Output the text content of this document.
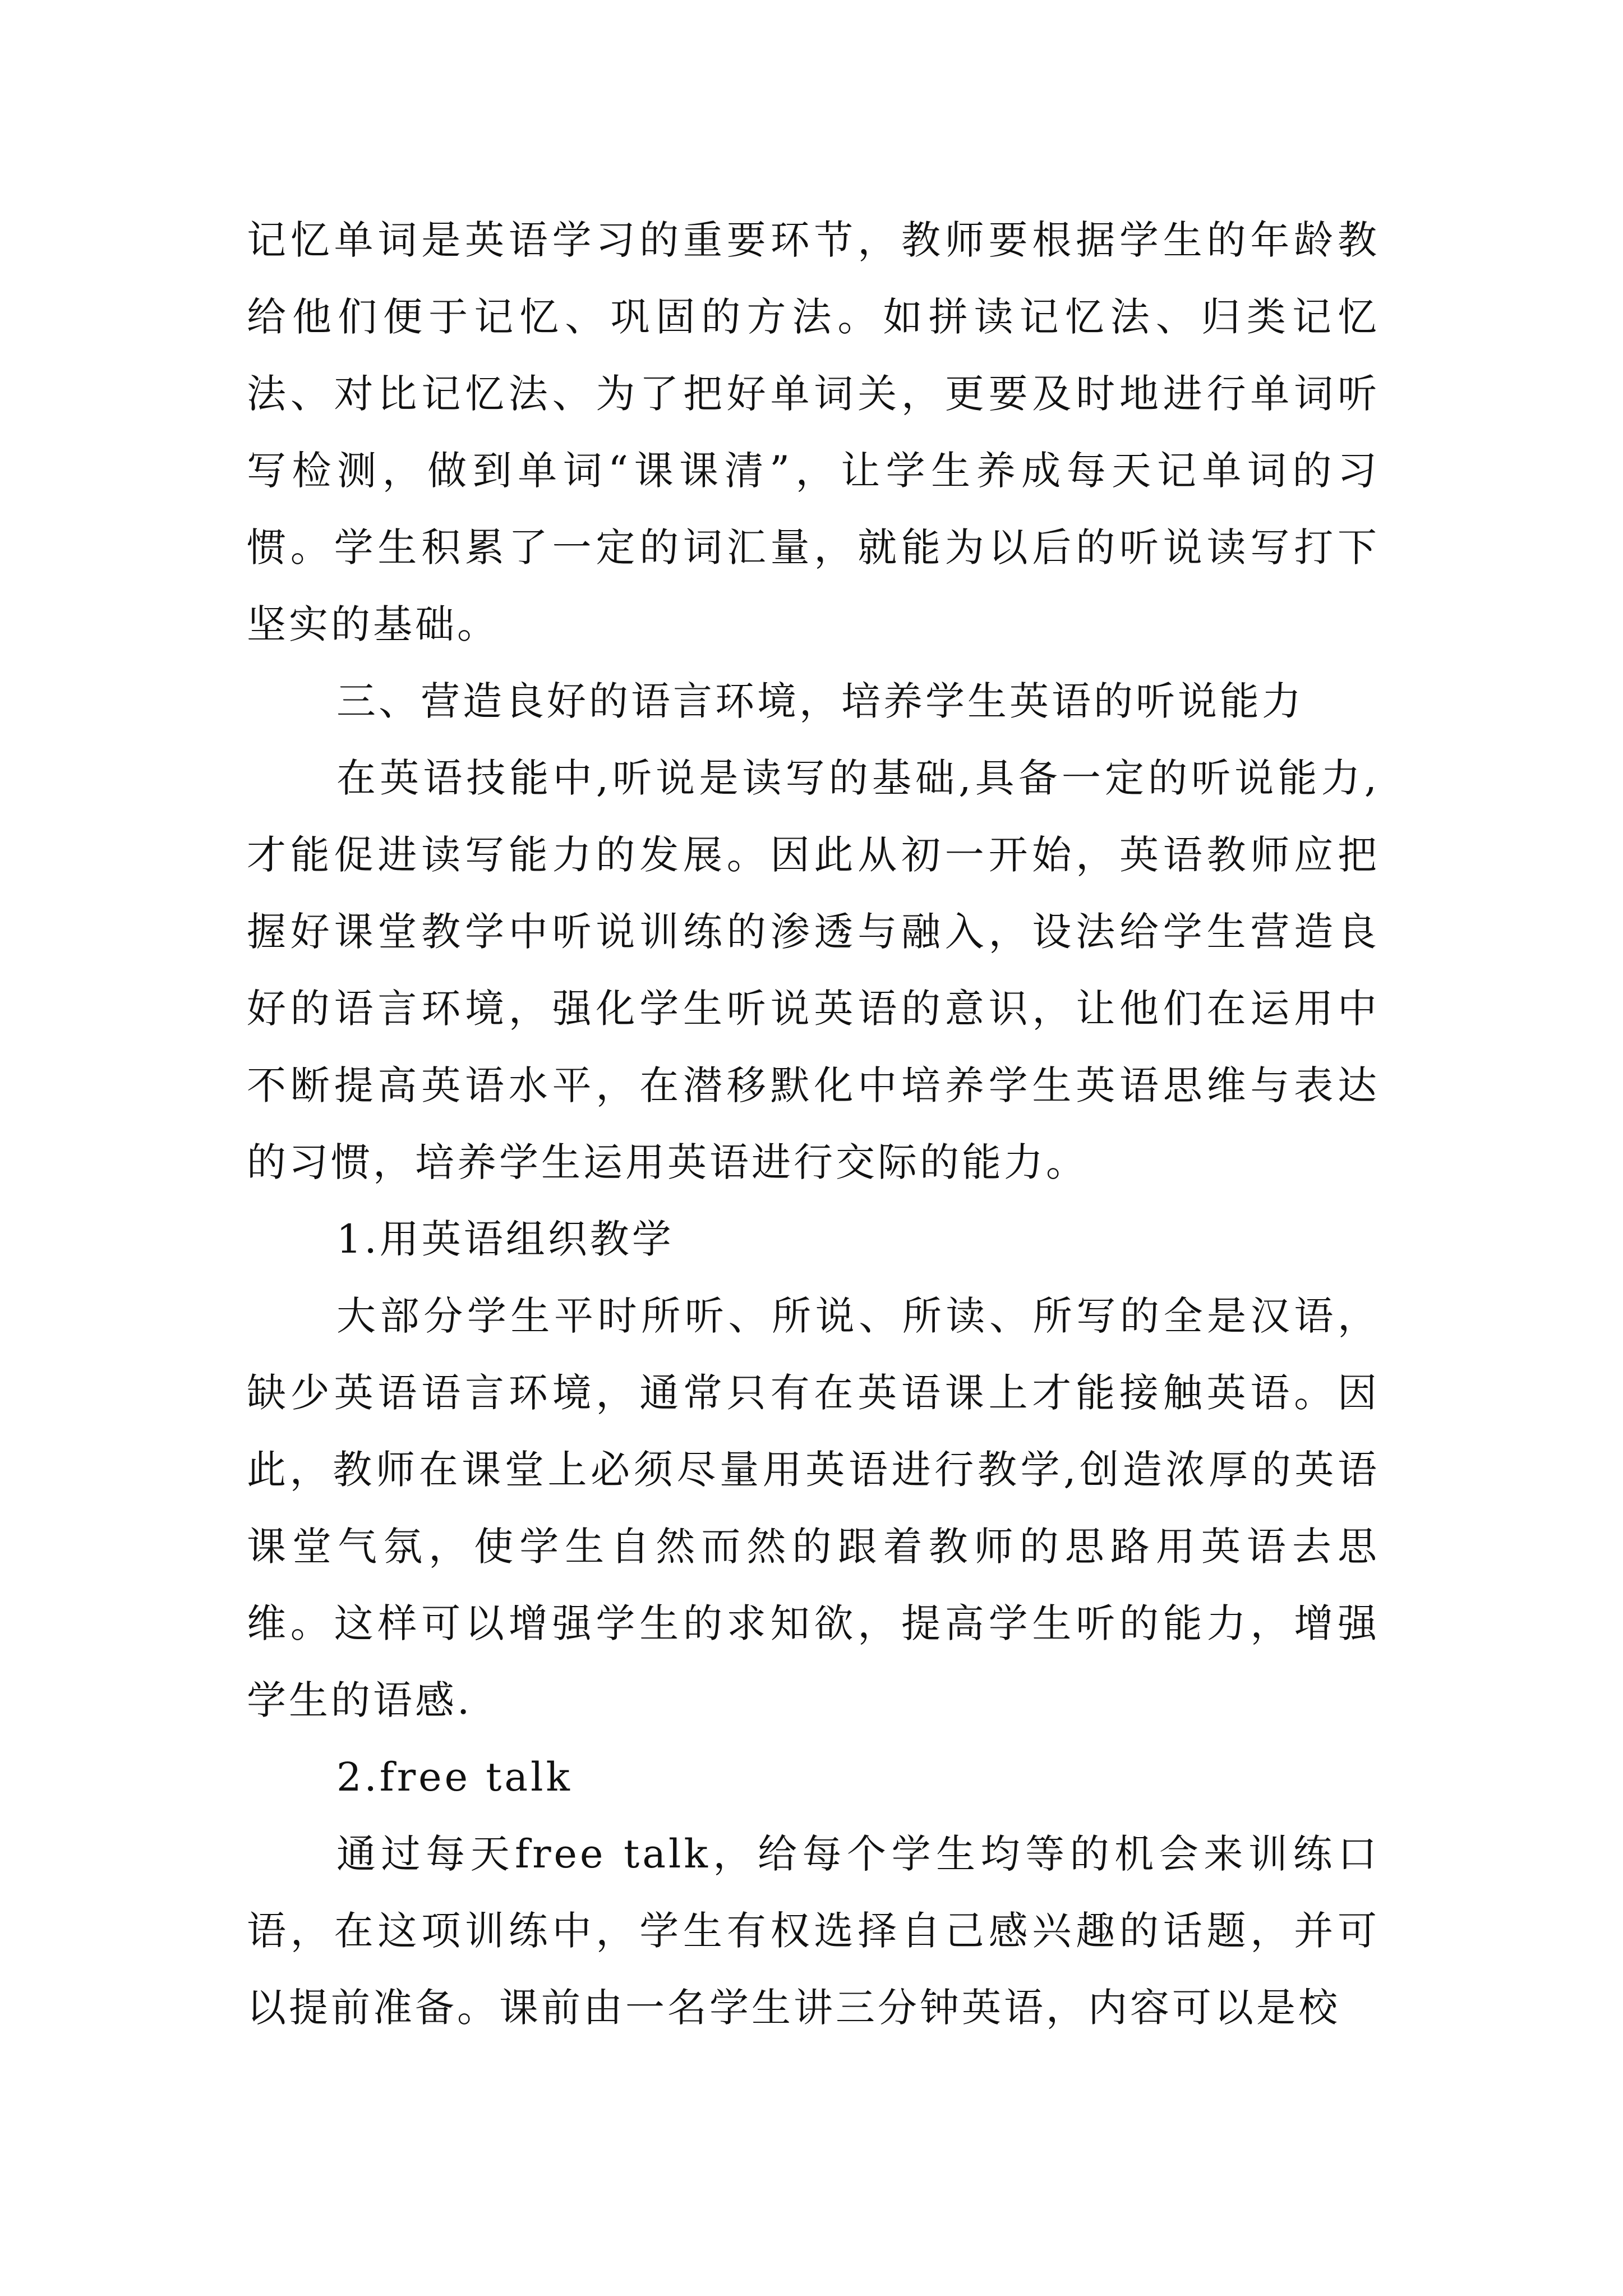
记忆单词是英语学习的重要环节，教师要根据学生的年龄教给他们便于记忆、巩固的方法。如拼读记忆法、归类记忆法、对比记忆法、为了把好单词关，更要及时地进行单词听写检测，做到单词“课课清”，让学生养成每天记单词的习惯。学生积累了一定的词汇量，就能为以后的听说读写打下坚实的基础。

三、营造良好的语言环境，培养学生英语的听说能力

在英语技能中,听说是读写的基础,具备一定的听说能力,才能促进读写能力的发展。因此从初一开始，英语教师应把握好课堂教学中听说训练的渗透与融入，设法给学生营造良好的语言环境，强化学生听说英语的意识，让他们在运用中不断提高英语水平，在潜移默化中培养学生英语思维与表达的习惯，培养学生运用英语进行交际的能力。

1.用英语组织教学

大部分学生平时所听、所说、所读、所写的全是汉语，缺少英语语言环境，通常只有在英语课上才能接触英语。因此，教师在课堂上必须尽量用英语进行教学,创造浓厚的英语课堂气氛，使学生自然而然的跟着教师的思路用英语去思维。这样可以增强学生的求知欲，提高学生听的能力，增强学生的语感.

2.free talk

通过每天free talk，给每个学生均等的机会来训练口语，在这项训练中，学生有权选择自己感兴趣的话题，并可以提前准备。课前由一名学生讲三分钟英语，内容可以是校
